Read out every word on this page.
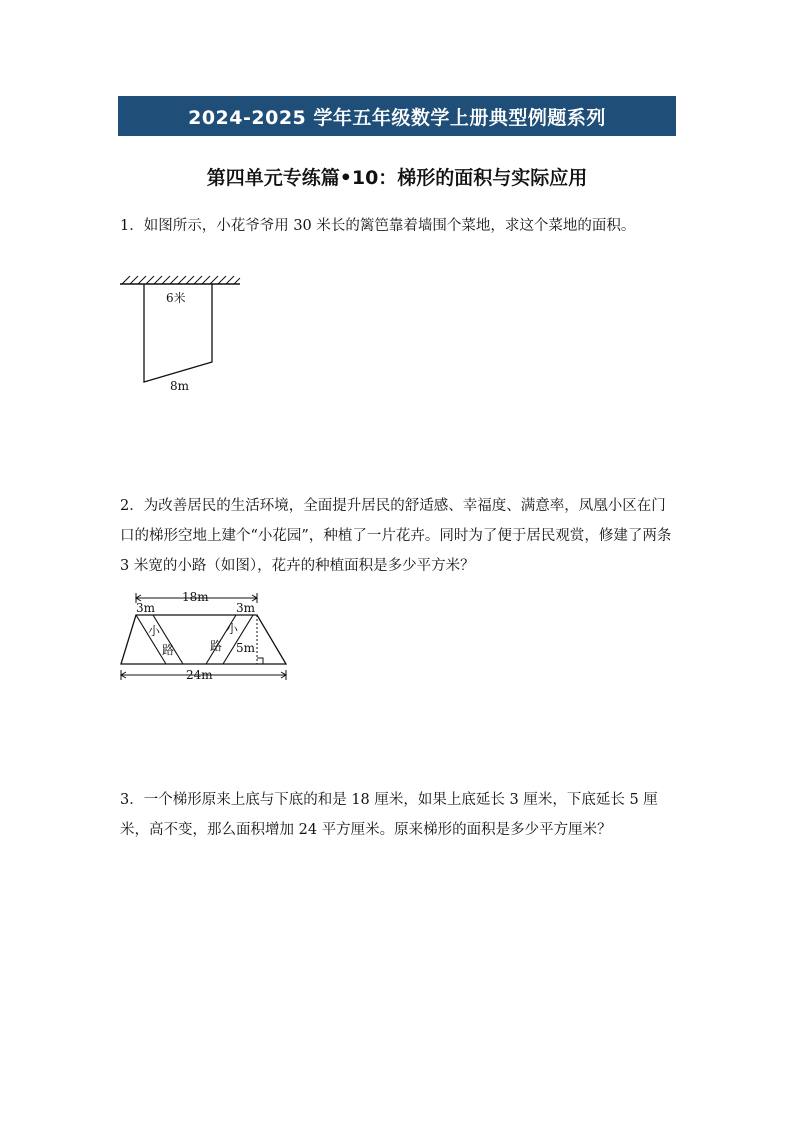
2024-2025 学年五年级数学上册典型例题系列
第四单元专练篇•10：梯形的面积与实际应用
1．如图所示，小花爷爷用 30 米长的篱笆靠着墙围个菜地，求这个菜地的面积。
6米
8m
2．为改善居民的生活环境，全面提升居民的舒适感、幸福度、满意率，凤凰小区在门口的梯形空地上建个“小花园”，种植了一片花卉。同时为了便于居民观赏，修建了两条 3 米宽的小路（如图），花卉的种植面积是多少平方米？
18m
3m	3m
小
路
小
路 5m
24m
3．一个梯形原来上底与下底的和是 18 厘米，如果上底延长 3 厘米，下底延长 5 厘米，高不变，那么面积增加 24 平方厘米。原来梯形的面积是多少平方厘米？
